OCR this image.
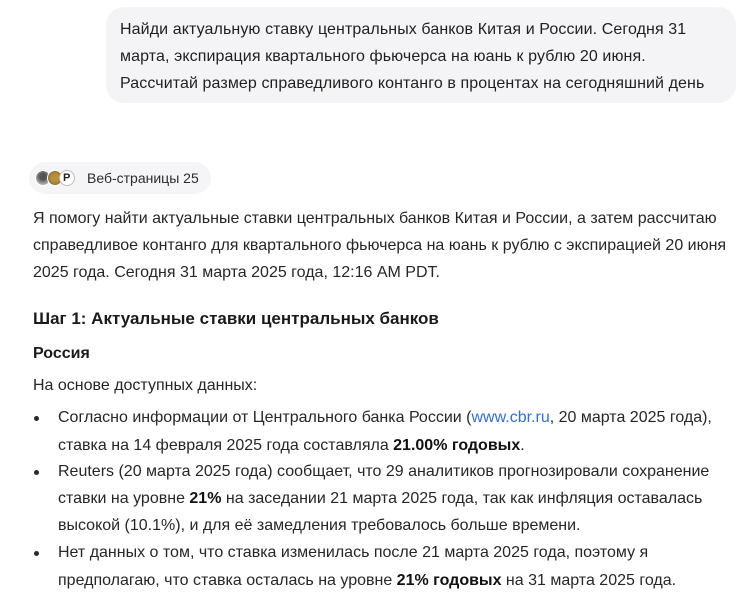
Найди актуальную ставку центральных банков Китая и России. Сегодня 31
марта, экспирация квартального фьючерса на юань к рублю 20 июня.
Рассчитай размер справедливого контанго в процентах на сегодняшний день
P Веб-страницы 25
Я помогу найти актуальные ставки центральных банков Китая и России, а затем рассчитаю
справедливое контанго для квартального фьючерса на юань к рублю с экспирацией 20 июня
2025 года. Сегодня 31 марта 2025 года, 12:16 AM PDT.
Шаг 1: Актуальные ставки центральных банков
Россия
На основе доступных данных:
Согласно информации от Центрального банка России (www.cbr.ru, 20 марта 2025 года),
ставка на 14 февраля 2025 года составляла 21.00% годовых.
Reuters (20 марта 2025 года) сообщает, что 29 аналитиков прогнозировали сохранение
ставки на уровне 21% на заседании 21 марта 2025 года, так как инфляция оставалась
высокой (10.1%), и для её замедления требовалось больше времени.
Нет данных о том, что ставка изменилась после 21 марта 2025 года, поэтому я
предполагаю, что ставка осталась на уровне 21% годовых на 31 марта 2025 года.
